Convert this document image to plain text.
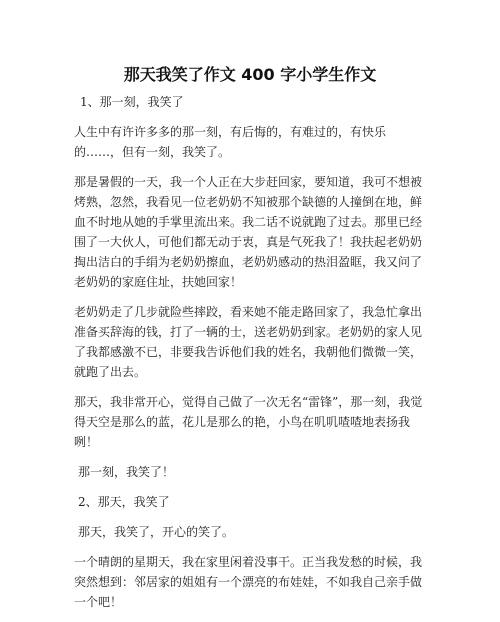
那天我笑了作文 400 字小学生作文

1、那一刻，我笑了

人生中有许许多多的那一刻，有后悔的，有难过的，有快乐的……，但有一刻，我笑了。

那是暑假的一天，我一个人正在大步赶回家，要知道，我可不想被烤熟，忽然，我看见一位老奶奶不知被那个缺德的人撞倒在地，鲜血不时地从她的手掌里流出来。我二话不说就跑了过去。那里已经围了一大伙人，可他们都无动于衷，真是气死我了！我扶起老奶奶掏出洁白的手绢为老奶奶擦血，老奶奶感动的热泪盈眶，我又问了老奶奶的家庭住址，扶她回家！

老奶奶走了几步就险些摔跤，看来她不能走路回家了，我急忙拿出准备买辞海的钱，打了一辆的士，送老奶奶到家。老奶奶的家人见了我都感激不已，非要我告诉他们我的姓名，我朝他们微微一笑，就跑了出去。

那天，我非常开心，觉得自己做了一次无名“雷锋”，那一刻，我觉得天空是那么的蓝，花儿是那么的艳，小鸟在叽叽喳喳地表扬我咧！

那一刻，我笑了！

2、那天，我笑了

那天，我笑了，开心的笑了。

一个晴朗的星期天，我在家里闲着没事干。正当我发愁的时候，我突然想到：邻居家的姐姐有一个漂亮的布娃娃，不如我自己亲手做一个吧！
